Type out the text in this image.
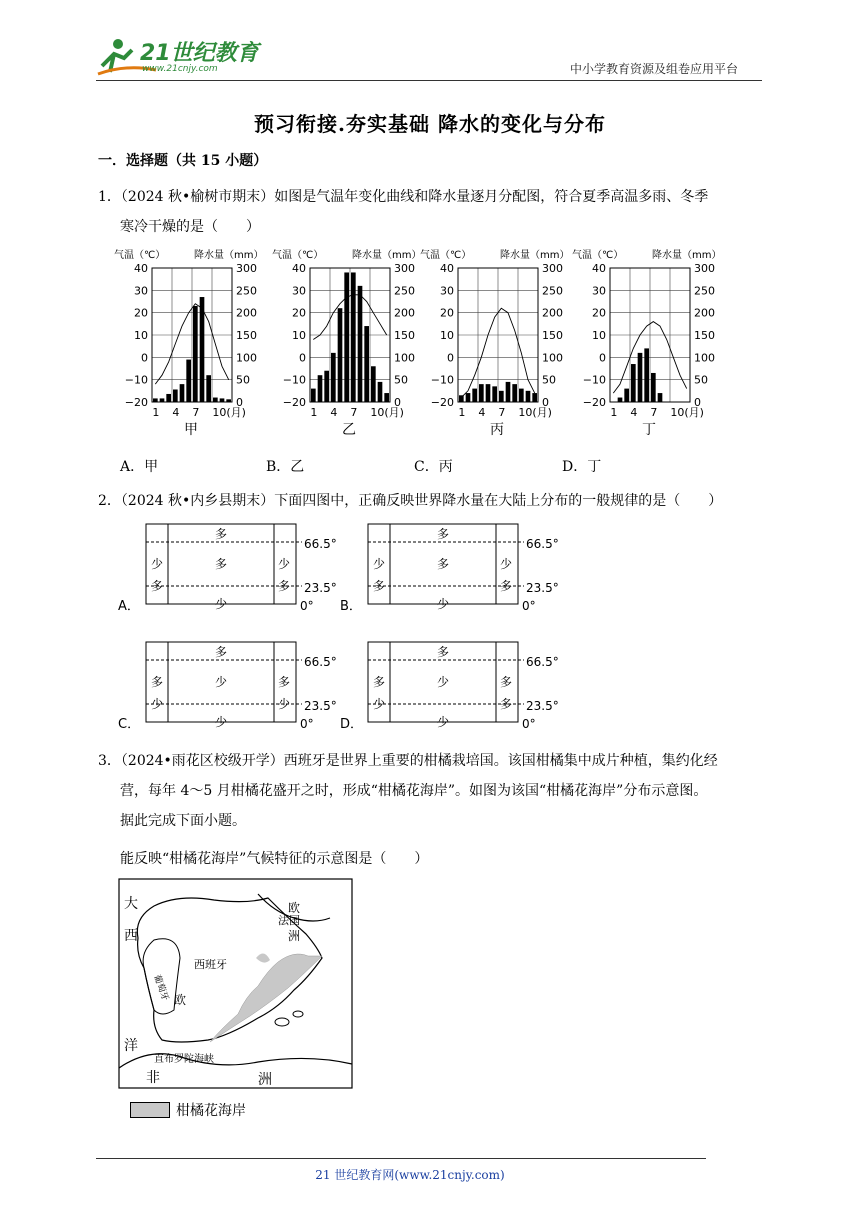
21世纪教育
www.21cnjy.com	中小学教育资源及组卷应用平台
预习衔接.夯实基础 降水的变化与分布
一．选择题（共 15 小题）
1．（2024 秋•榆树市期末）如图是气温年变化曲线和降水量逐月分配图，符合夏季高温多雨、冬季
寒冷干燥的是（　　）
气温（℃）	降水量（mm）
40	300
30	250
20	200
10	150
0	100
−10	50
−20	0
1 4 7 10(月)
甲
气温（℃）	降水量（mm）
40	300
30	250
20	200
10	150
0	100
−10	50
−20	0
1 4 7 10(月)
乙
气温（℃）	降水量（mm）
40	300
30	250
20	200
10	150
0	100
−10	50
−20	0
1 4 7 10(月)
丙
气温（℃）	降水量（mm）
40	300
30	250
20	200
10	150
0	100
−10	50
−20	0
1 4 7 10(月)
丁
A．甲	B．乙	C．丙	D．丁
2．（2024 秋•内乡县期末）下面四图中，正确反映世界降水量在大陆上分布的一般规律的是（　　）
A．
66.5°
23.5°
0°
多
少	多	少
多	多
少	B．
66.5°
23.5°
0°
多
少	多	少
多	多
少
C．
66.5°
23.5°
0°
多
多	少	多
少	少
少	D．
66.5°
23.5°
0°
多
多	少	多
少	多
少
3．（2024•雨花区校级开学）西班牙是世界上重要的柑橘栽培国。该国柑橘集中成片种植，集约化经
营，每年 4～5 月柑橘花盛开之时，形成“柑橘花海岸”。如图为该国“柑橘花海岸”分布示意图。
据此完成下面小题。
能反映“柑橘花海岸”气候特征的示意图是（　　）
大
西
洋
欧
法国
洲
西班牙
葡萄牙 欧
直布罗陀海峡
非	洲
柑橘花海岸
21 世纪教育网(www.21cnjy.com)
